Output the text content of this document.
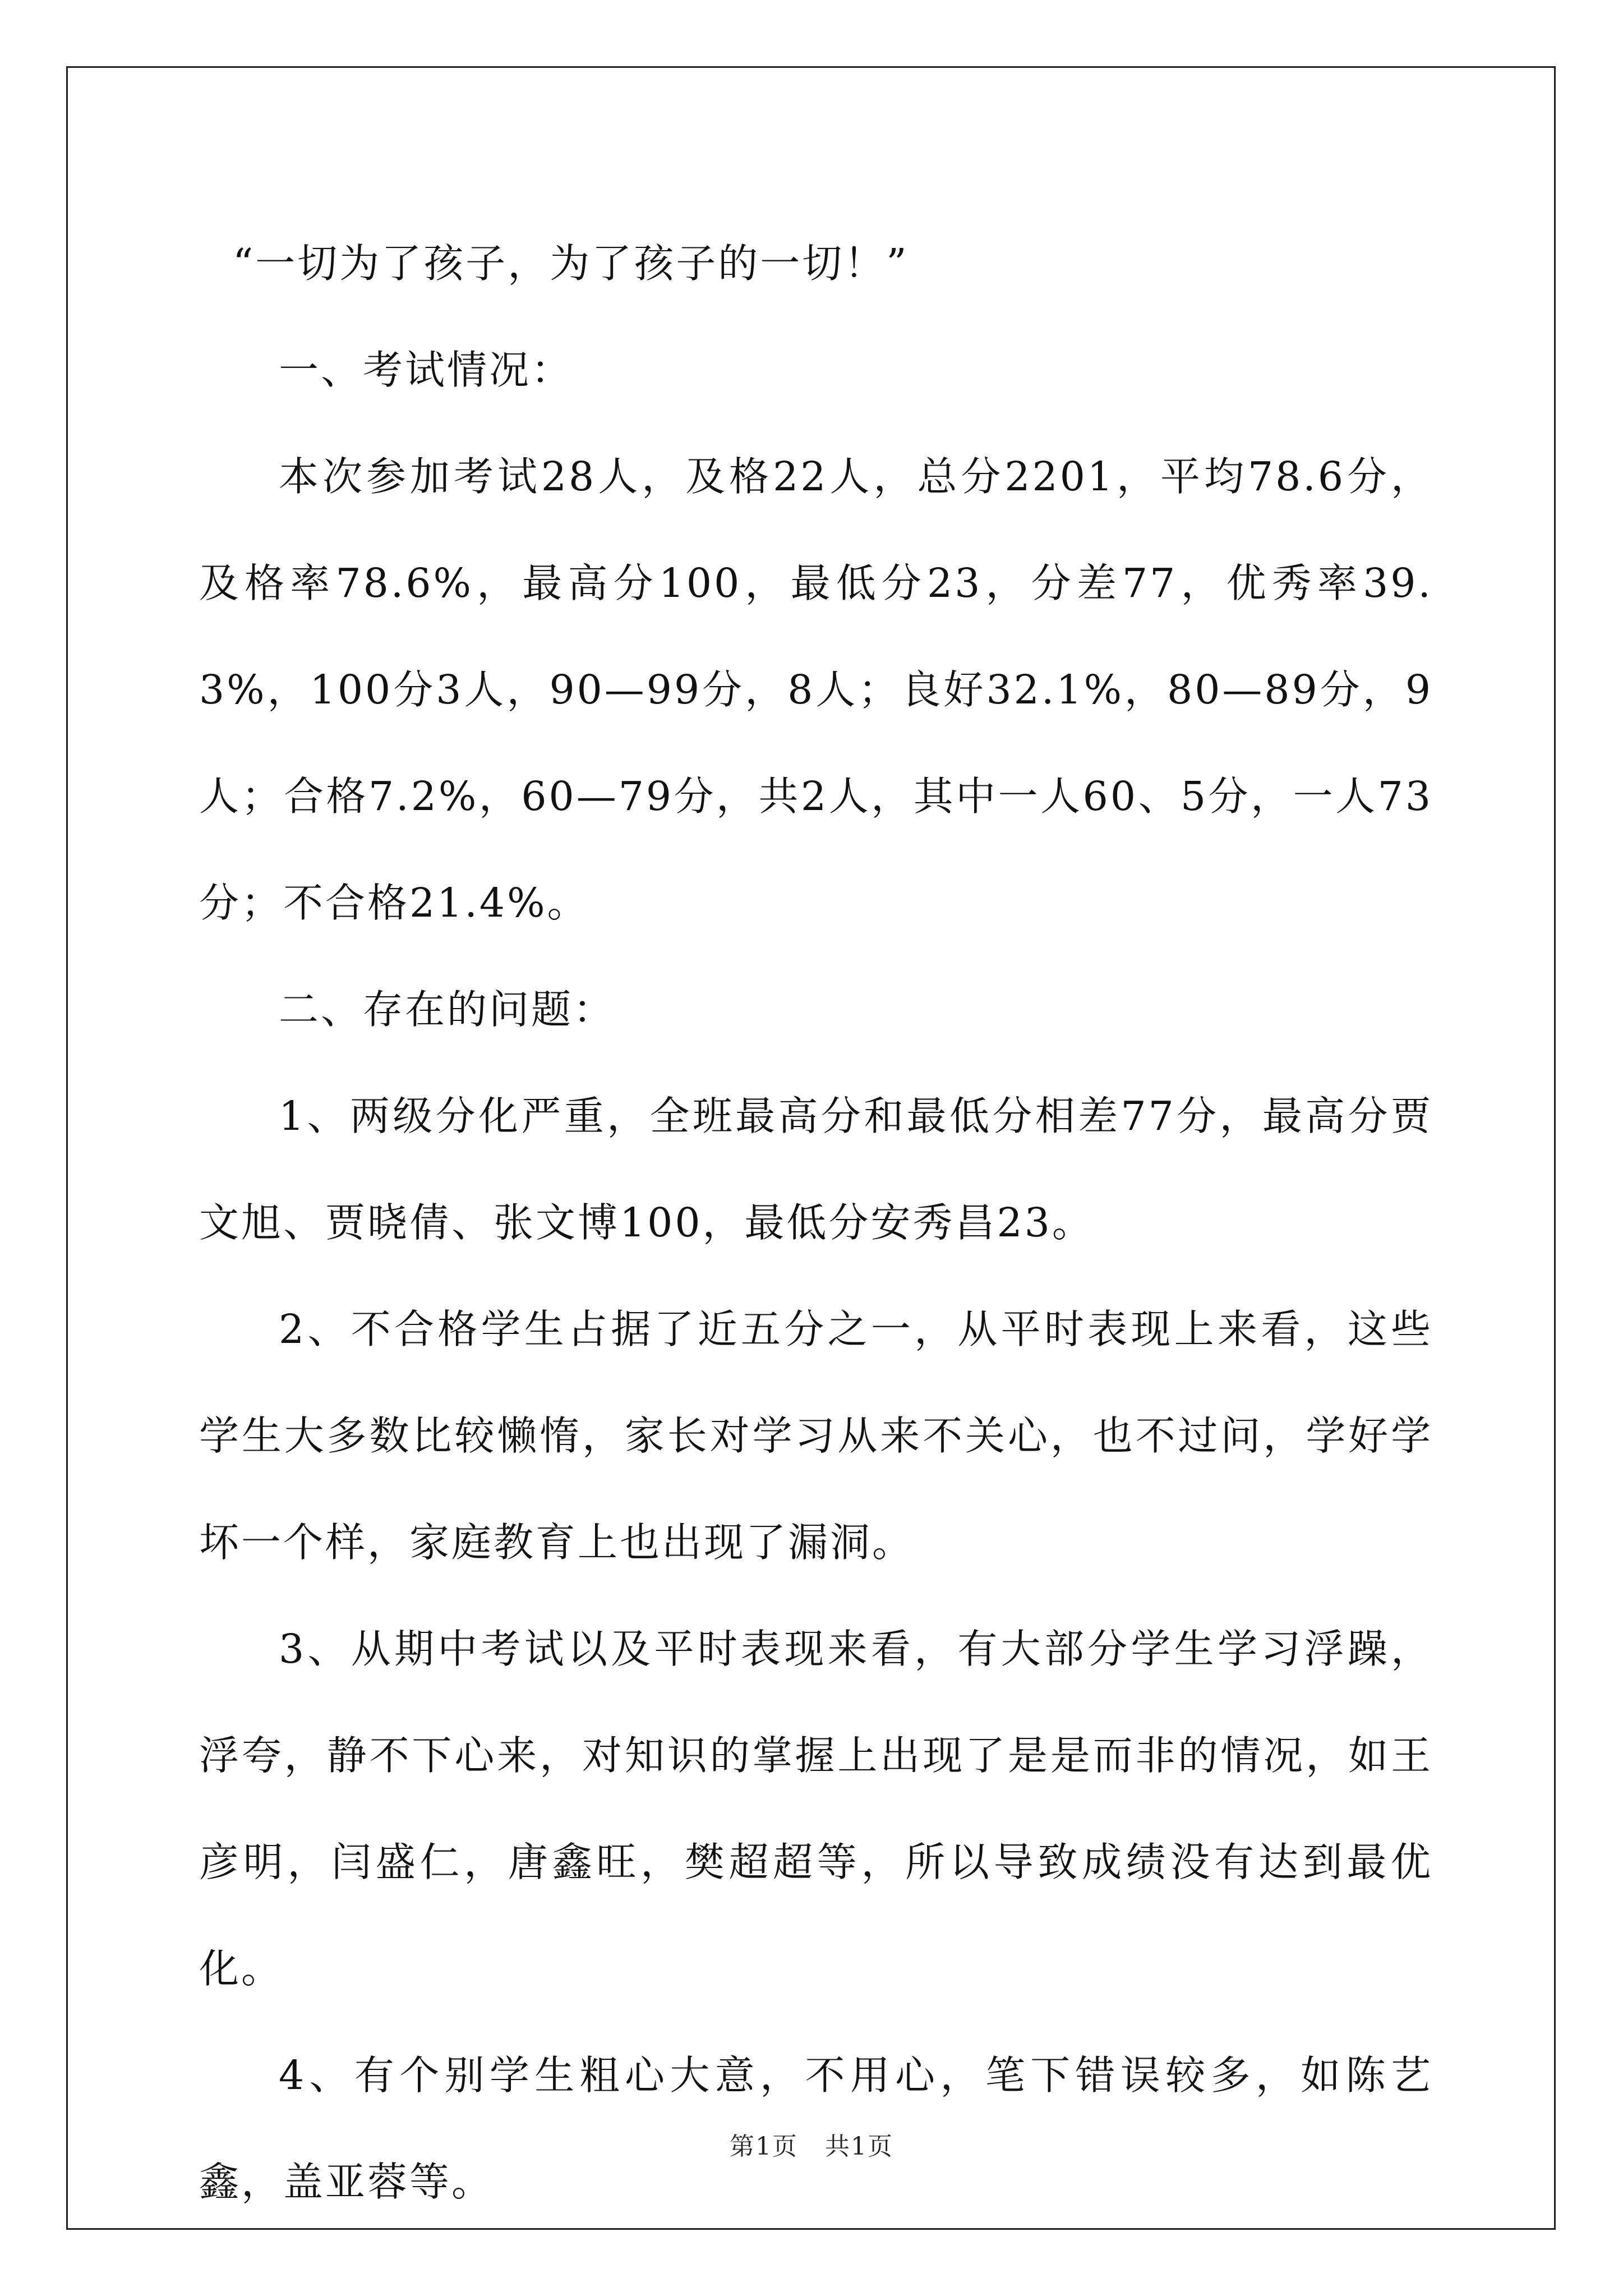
“一切为了孩子，为了孩子的一切！”

一、考试情况：

本次参加考试28人，及格22人，总分2201，平均78.6分，及格率78.6%，最高分100，最低分23，分差77，优秀率39.3%，100分3人，90—99分，8人；良好32.1%，80—89分，9人；合格7.2%，60—79分，共2人，其中一人60、5分，一人73分；不合格21.4%。

二、存在的问题：

1、两级分化严重，全班最高分和最低分相差77分，最高分贾文旭、贾晓倩、张文博100，最低分安秀昌23。

2、不合格学生占据了近五分之一，从平时表现上来看，这些学生大多数比较懒惰，家长对学习从来不关心，也不过问，学好学坏一个样，家庭教育上也出现了漏洞。

3、从期中考试以及平时表现来看，有大部分学生学习浮躁，浮夸，静不下心来，对知识的掌握上出现了是是而非的情况，如王彦明，闫盛仁，唐鑫旺，樊超超等，所以导致成绩没有达到最优化。

4、有个别学生粗心大意，不用心，笔下错误较多，如陈艺鑫，盖亚蓉等。

第1页 共1页
